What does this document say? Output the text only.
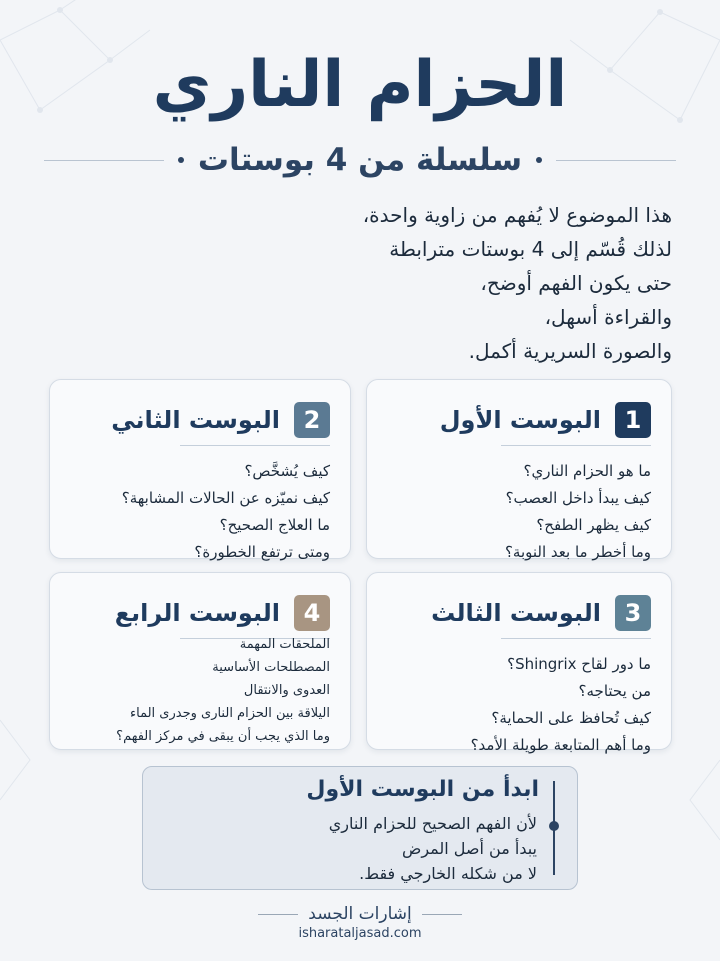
الحزام الناري
سلسلة من 4 بوستات
هذا الموضوع لا يُفهم من زاوية واحدة،
لذلك قُسّم إلى 4 بوستات مترابطة
حتى يكون الفهم أوضح،
والقراءة أسهل،
والصورة السريرية أكمل.
1
البوست الأول
ما هو الحزام الناري؟
كيف يبدأ داخل العصب؟
كيف يظهر الطفح؟
وما أخطر ما بعد النوبة؟
2
البوست الثاني
كيف يُشخَّص؟
كيف نميّزه عن الحالات المشابهة؟
ما العلاج الصحيح؟
ومتى ترتفع الخطورة؟
3
البوست الثالث
ما دور لقاح Shingrix؟
من يحتاجه؟
كيف تُحافظ على الحماية؟
وما أهم المتابعة طويلة الأمد؟
4
البوست الرابع
الملحقات المهمة
المصطلحات الأساسية
العدوى والانتقال
اليلاقة بين الحزام النارى وجدرى الماء
وما الذي يجب أن يبقى في مركز الفهم؟
ابدأ من البوست الأول
لأن الفهم الصحيح للحزام الناري
يبدأ من أصل المرض
لا من شكله الخارجي فقط.
إشارات الجسد
isharataljasad.com
